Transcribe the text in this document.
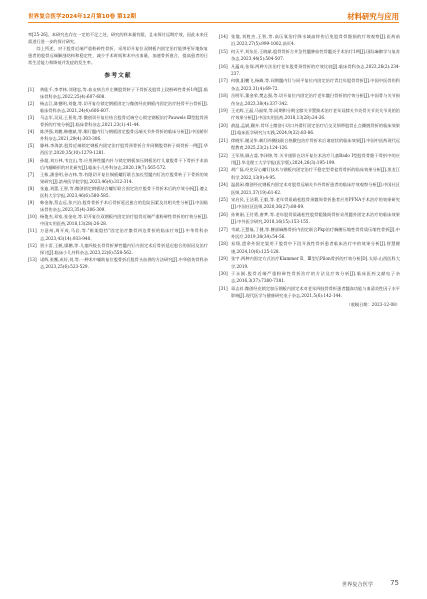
世界复合医学2024年12月第10卷 第12期	材料研究与应用

率[25-26]。本研究也存在一定的不足之处，研究的样本量有限，且未探讨远期疗效，因此未来还需进行进一步的探讨研究。

综上所述，对于股骨近端严重粉碎性骨折，采用切开复位双钢板内固定治疗能够更好地恢复患者的股骨远端解剖结构和稳定性，减少手术时间和术中出血量，加速骨折愈合，提高患者的日常生活能力和降低并发症的发生率。

参考文献
[1]	黄能千,李孝林,刘建忠,等.血友病合并左侧股骨转子下骨折及股骨上段粉碎性骨折1例[J].临床骨科杂志,2022,25(4):607-608.
[2]	杨志江,陈德明,刘俊,等.切开复位锁定钢板固定与微创经皮钢板内固定治疗胫骨平台骨折[J].临床骨科杂志,2021,24(4):606-607.
[3]	马志军,吴双,王景贵,等.微创切开复位结合股骨近端空心锁定钢板治疗Pauwels Ⅲ型股骨颈骨折的疗效分析[J].临床骨科杂志,2021,23(1):41-44.
[4]	陈洪强,刘鹏,韩德斌,等.顺行髓内钉与钢板固定股骨远端关节外骨折的临床分析[J].中国矫形外科杂志,2021,29(4):303-306.
[5]	滕林,李海滨.股骨近端锁定钢板内固定治疗股骨颈骨折合并同侧股骨转子间骨折一例[J].华西医学,2020,35(10):1279-1281.
[6]	孙超,刘万林,韦宜山,等.应用弹性髓内针与锁定钢板加压钢板治疗儿童股骨干下骨折手术前后内翻畸形的对比研究[J].临床小儿外科杂志,2020,19(7):565-572.
[7]	王栋,潘金明,孙吉林,等.有限切开复位铜板螺钉联合加长型髓内钉治疗股骨转子下骨折的效果研究[J].滨州医学院学报,2023,46(4):312-314.
[8]	张迪,刘蕾,王智,等.微创锁定钢板结合螺钉联合固定治疗股骨干骨折术后的疗效分析[J].遵义医科大学学报,2023,46(6):580-585.
[9]	韩金海,蔡志远,张兴泊.股骨骨折手术后骨折延迟愈合的危险因素及其相关性分析[J].中国临床骨伤杂志,2023,35(4):306-309.
[10] 杨俊杰,邓家,张金亮,等.切开复位双钢板内固定治疗股骨近端严重粉碎性骨折的疗效分析[J].中国实用医药,2018,13(28):26-28.
[11] 万意州,周开成,马岩,等."框架阻挡"固定治疗髌骨四边骨折的临床疗效[J].中华骨科杂志,2023,43(14):933-940.
[12] 贾小雷,王帆,廖鹏,等.儿童四肢长骨骨折弹性髓内钉内固定术后骨折延迟愈合的原因及治疗探讨[J].临床小儿外科杂志,2023,22(6):558-562.
[13] 诺辉,张鹰,成好,刘,等.一种术中辅助复位股骨折后股骨头血供的方法研究[J].中华创伤骨科杂志,2023,25(6):523-529.
[14] 张俊,刘胜杰,王智,等.高压氧治疗降水域高锌伤后免股骨骨骼损的疗效观察[J].医药前沿,2023,27(5):999-1002,前页4.
[15] 何天平,刘东岳,王晓斌.股骨骨折合并急性髓肿血性骨髓炎手术治疗1例[J].国际麻醉学与复苏杂志,2023,44(5):504-507.
[16] 凡蕴成,张保.两种方法治疗老年股骨颈骨折的疗效比较[J].临床骨科杂志,2023,26(2):234-237.
[17] 何敏,阳鹏飞,杨峰,等.同期髓内钉与同平复位内固定治疗青壮年股骨骨折[J].中国中医骨伤科杂志,2023,31(4):69-72.
[18] 岳明军,董金荣,樊志强,等.切开复位内固定治疗老年髋臼骨折的疗效分析[J].中国骨与关节损伤杂志,2023,38(4):337-342.
[19] 王光辉,王晶,马福荣,等.同期和分期全膝关节置换术治疗老年双膝关节炎骨关节炎关节炎的治疗效果分析[J].中国实用医药,2018,13(28):24-26.
[20] 俞温,孟斌,蒯卉.骨坏土微创小切口外滑钉固定治疗后交叉韧带股骨止点撕脱骨折的临床效果[J].临床医学研究与实践,2024,9(32):83-86.
[21] 徐晓军,谢灵华.刺灯四侧技联合热敷包治疗骨折术后诸症状的临床效果[J].中国中医药现代远程教育,2025,23(2):124-126.
[22] 王军瑶,顾占睿,李泽锦,等.关节递影在切开复位术治疗儿童Bado Ⅰ型股骨骨骼干骨折中的应用[J].华北理工大学学报(医学版),2024,26(3):195-199.
[23] 胡广磊.经皮穿心螺钉技术与钢板内固定治疗不稳定型骨盆骨骨折的临床效果分析[J].黑龙江科学,2022,13(9):4-95.
[24] 温晨闲.微创经皮钢板内固定术对股骨远端关节外骨折患者的临床疗效观察分析[J].中国社区医师,2021,37(19):61-62.
[25] 宋启民,王洁莉,王毅,等.老年骨质疏松股骨颈髋周骨折患者应用PFNA手术治疗的效果研究[J].中国社区医师,2020,36(27):88-89.
[26] 孙黄刚,王付勇,唐梦,等.老年股骨质疏松性股骨粗隆间骨折采用髓外固定术治疗的临床效果[J].中外医学研究,2018,16(15):153-155.
[27] 韦斌,王慧福,丁健,等.腰部麻醉骨折内固定联合Pkp治疗胸腰压缩性骨骨质压缩性骨折[J].中外医疗,2019,38(34):54-56.
[28] 易翔,遗余外固定架用于股骨中下段开放性骨折患者临床治疗中的效果分析[J].智慧健康,2024,10(6):125-128.
[29] 张宇.两种内固定方式治疗Klammer Ⅱ、Ⅲ型后Pilon骨折的疗效分析[D].太原:山西医科大学,2019.
[30] 于永刚.股骨近端严重粉碎性骨折治疗的方法及疗效分析[J].临床医药文献电子杂志,2016,3(37):7380-7381.
[31] 章志祥.微创经皮锁定加压钢板内固定术对老年四肢骨骨折患者髓血功能与血清炎性因子水平影响[J].现代医学与健康研究电子杂志,2021,5(6):142-144.
（收稿日期：2023-12-08）
世界复合医学 75
